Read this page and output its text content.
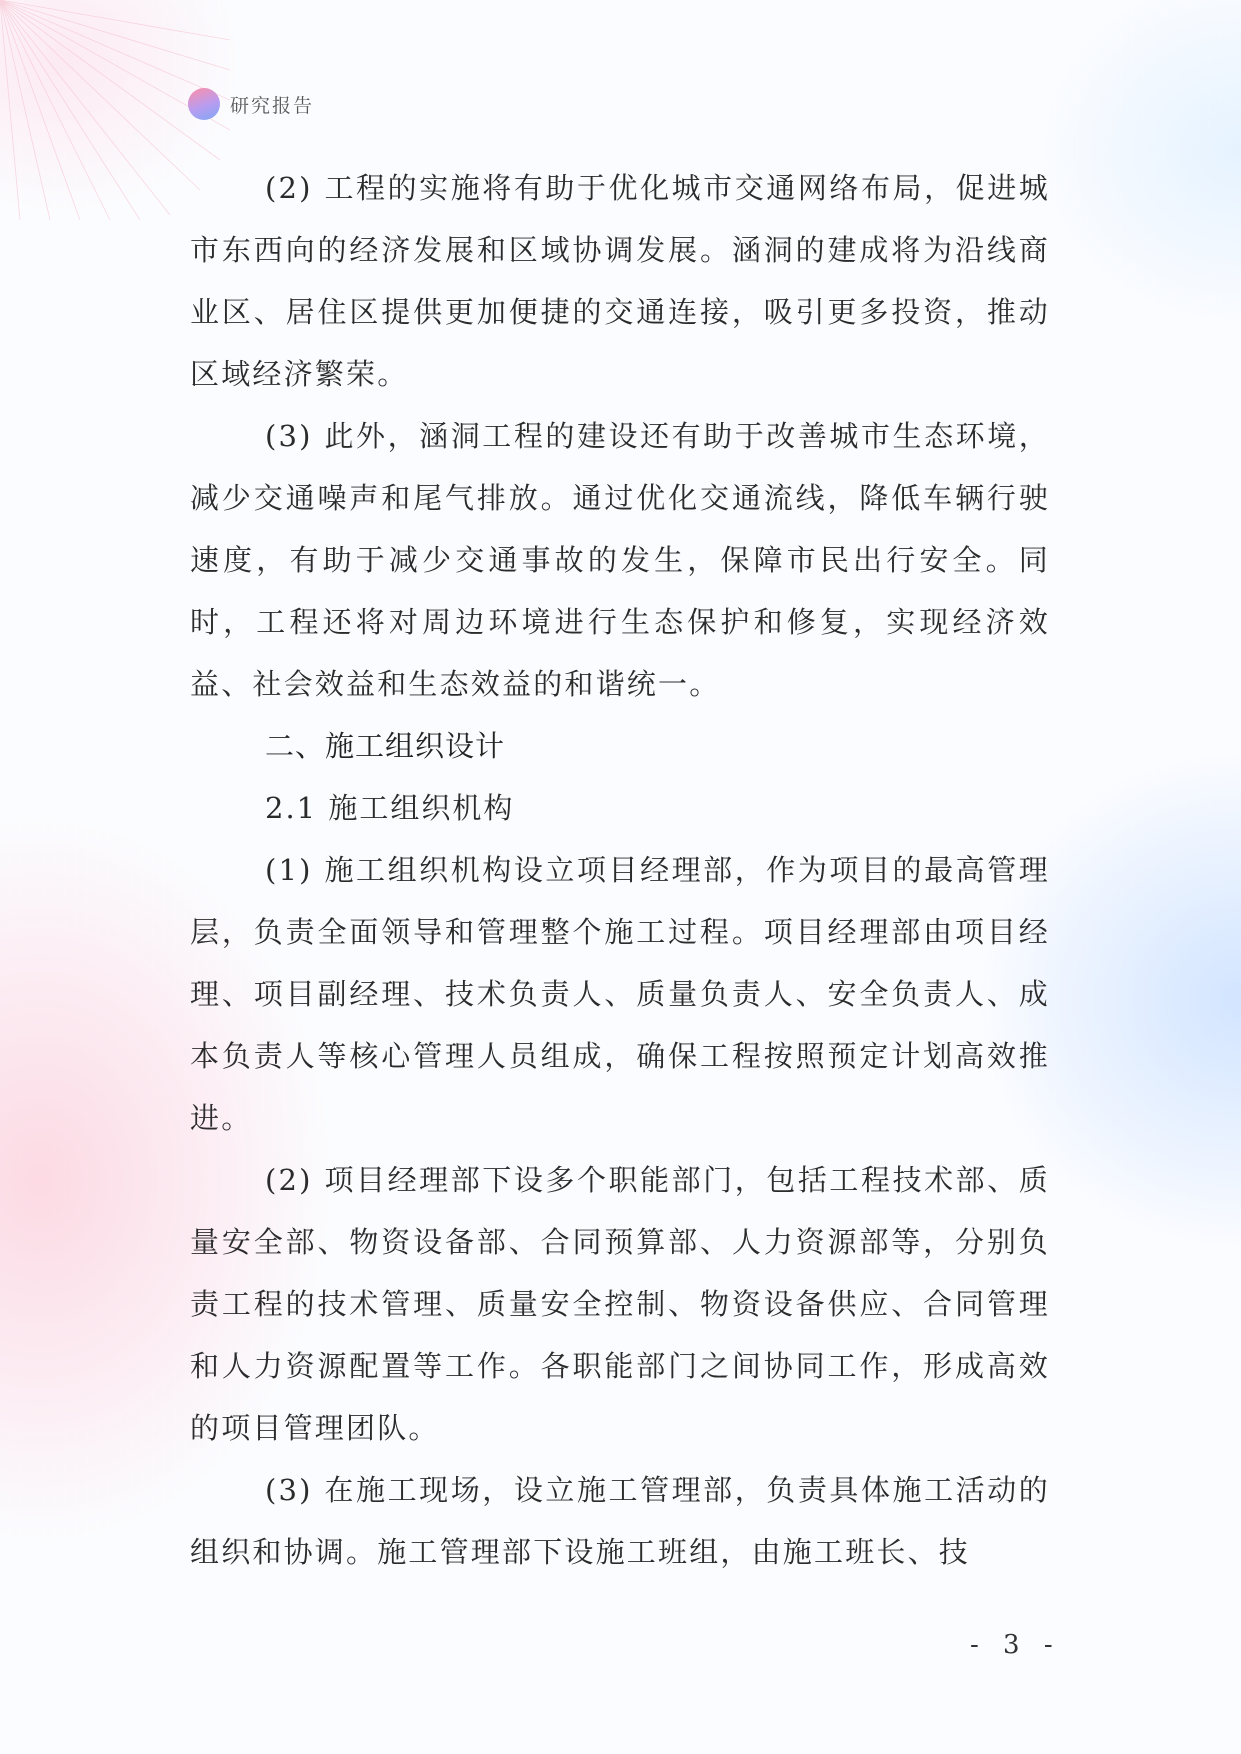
研究报告

(2) 工程的实施将有助于优化城市交通网络布局，促进城市东西向的经济发展和区域协调发展。涵洞的建成将为沿线商业区、居住区提供更加便捷的交通连接，吸引更多投资，推动区域经济繁荣。

(3) 此外，涵洞工程的建设还有助于改善城市生态环境，减少交通噪声和尾气排放。通过优化交通流线，降低车辆行驶速度，有助于减少交通事故的发生，保障市民出行安全。同时，工程还将对周边环境进行生态保护和修复，实现经济效益、社会效益和生态效益的和谐统一。

二、施工组织设计

2.1 施工组织机构

(1) 施工组织机构设立项目经理部，作为项目的最高管理层，负责全面领导和管理整个施工过程。项目经理部由项目经理、项目副经理、技术负责人、质量负责人、安全负责人、成本负责人等核心管理人员组成，确保工程按照预定计划高效推进。

(2) 项目经理部下设多个职能部门，包括工程技术部、质量安全部、物资设备部、合同预算部、人力资源部等，分别负责工程的技术管理、质量安全控制、物资设备供应、合同管理和人力资源配置等工作。各职能部门之间协同工作，形成高效的项目管理团队。

(3) 在施工现场，设立施工管理部，负责具体施工活动的组织和协调。施工管理部下设施工班组，由施工班长、技

- 3 -
